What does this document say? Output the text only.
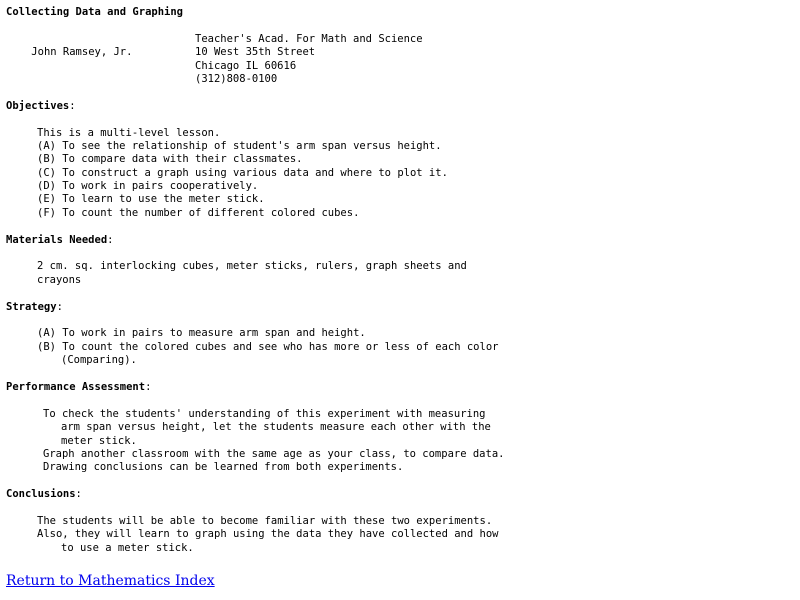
Collecting Data and Graphing

John Ramsey, Jr.

Teacher's Acad. For Math and Science

10 West 35th Street
Chicago IL 60616
(312)808-0100
Objectives:
This is a multi-level lesson.
(A) To see the relationship of student's arm span versus height.
(B) To compare data with their classmates.
(C) To construct a graph using various data and where to plot it.
(D) To work in pairs cooperatively.
(E) To learn to use the meter stick.
(F) To count the number of different colored cubes.
Materials Needed:
2 cm. sq. interlocking cubes, meter sticks, rulers, graph sheets and
crayons
Strategy:
(A) To work in pairs to measure arm span and height.
(B) To count the colored cubes and see who has more or less of each color
(Comparing).
Performance Assessment:
To check the students' understanding of this experiment with measuring
arm span versus height, let the students measure each other with the
meter stick.
Graph another classroom with the same age as your class, to compare data.
Drawing conclusions can be learned from both experiments.
Conclusions:
The students will be able to become familiar with these two experiments.
Also, they will learn to graph using the data they have collected and how
to use a meter stick.
Return to Mathematics Index
